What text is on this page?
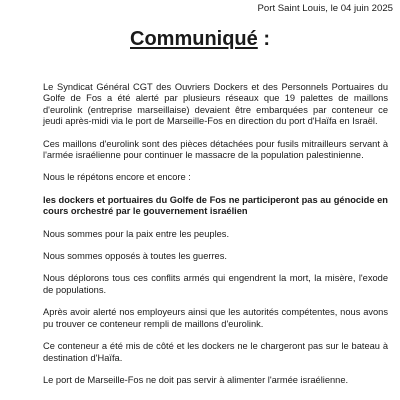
Port Saint Louis, le 04 juin 2025
Communiqué :

Le Syndicat Général CGT des Ouvriers Dockers et des Personnels Portuaires du Golfe de Fos a été alerté par plusieurs réseaux que 19 palettes de maillons d'eurolink (entreprise marseillaise) devaient être embarquées par conteneur ce jeudi après-midi via le port de Marseille-Fos en direction du port d'Haïfa en Israël.

Ces maillons d'eurolink sont des pièces détachées pour fusils mitrailleurs servant à l'armée israélienne pour continuer le massacre de la population palestinienne.

Nous le répétons encore et encore :

les dockers et portuaires du Golfe de Fos ne participeront pas au génocide en cours orchestré par le gouvernement israélien

Nous sommes pour la paix entre les peuples.

Nous sommes opposés à toutes les guerres.

Nous déplorons tous ces conflits armés qui engendrent la mort, la misère, l'exode de populations.

Après avoir alerté nos employeurs ainsi que les autorités compétentes, nous avons pu trouver ce conteneur rempli de maillons d'eurolink.

Ce conteneur a été mis de côté et les dockers ne le chargeront pas sur le bateau à destination d'Haïfa.

Le port de Marseille-Fos ne doit pas servir à alimenter l'armée israélienne.
